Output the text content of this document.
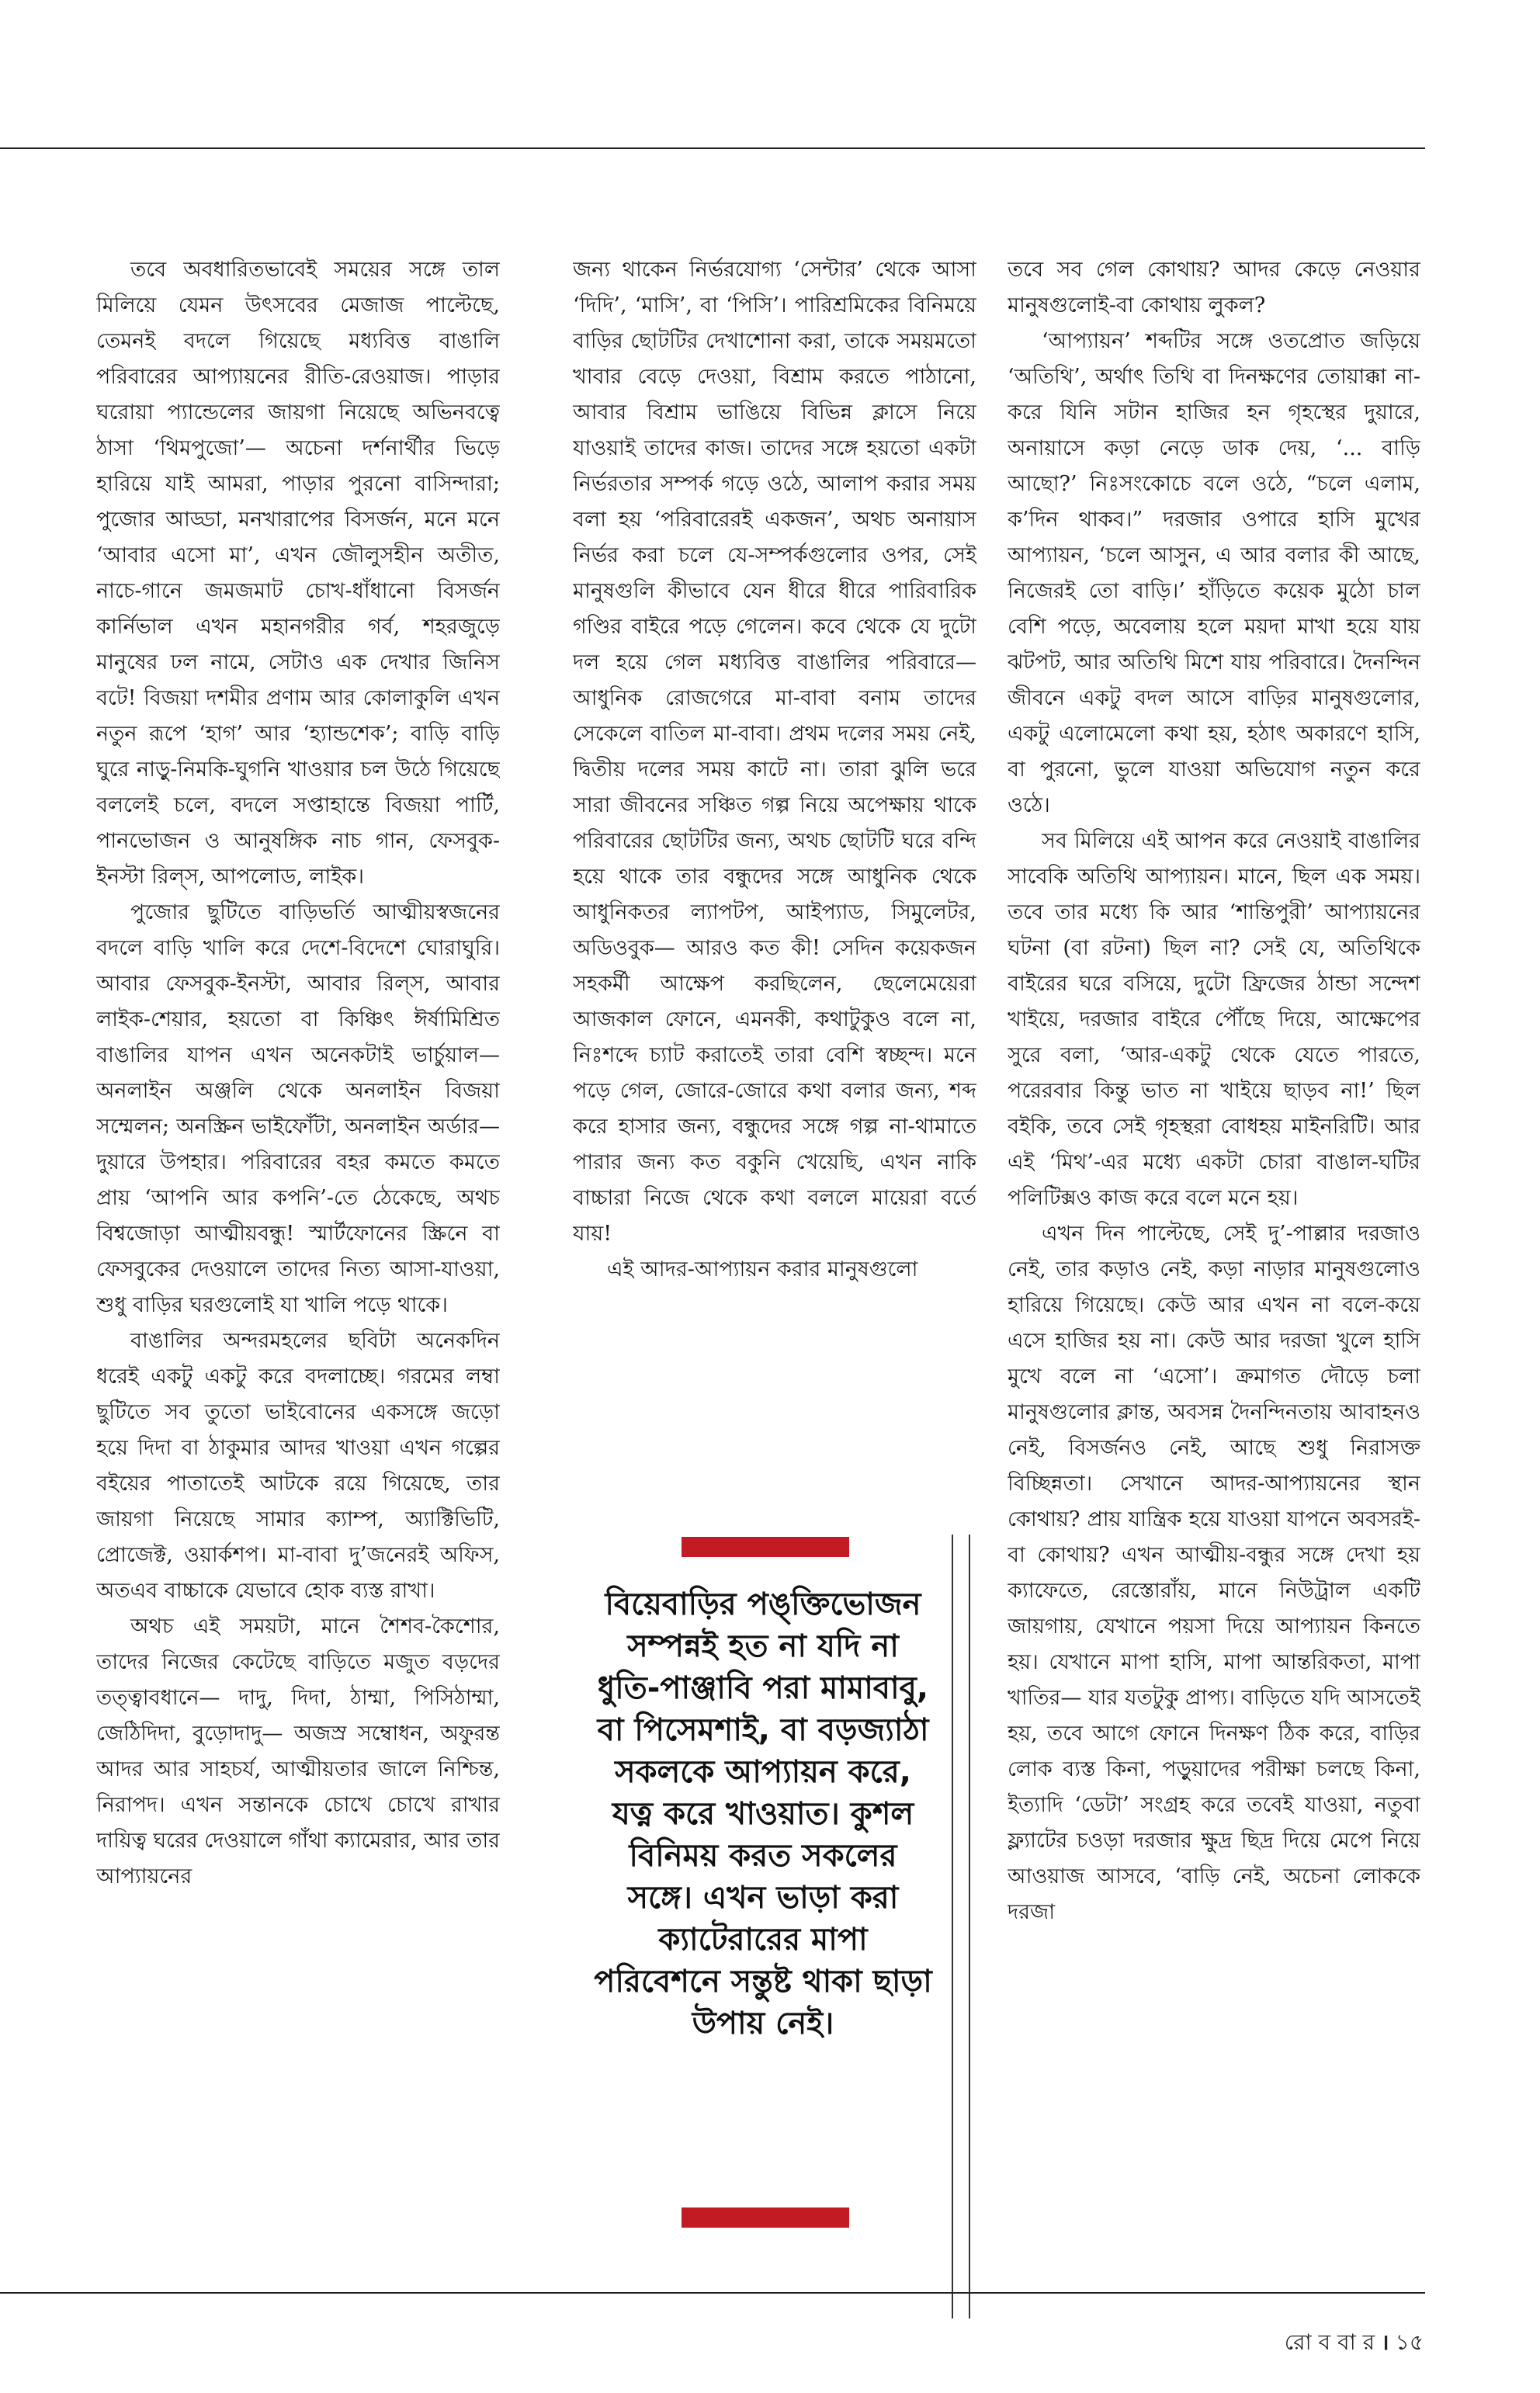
তবে অবধারিতভাবেই সময়ের সঙ্গে তাল মিলিয়ে যেমন উৎসবের মেজাজ পাল্টেছে, তেমনই বদলে গিয়েছে মধ্যবিত্ত বাঙালি পরিবারের আপ্যায়নের রীতি-রেওয়াজ। পাড়ার ঘরোয়া প্যান্ডেলের জায়গা নিয়েছে অভিনবত্বে ঠাসা ‘থিমপুজো’— অচেনা দর্শনার্থীর ভিড়ে হারিয়ে যাই আমরা, পাড়ার পুরনো বাসিন্দারা; পুজোর আড্ডা, মনখারাপের বিসর্জন, মনে মনে ‘আবার এসো মা’, এখন জৌলুসহীন অতীত, নাচে-গানে জমজমাট চোখ-ধাঁধানো বিসর্জন কার্নিভাল এখন মহানগরীর গর্ব, শহরজুড়ে মানুষের ঢল নামে, সেটাও এক দেখার জিনিস বটে! বিজয়া দশমীর প্রণাম আর কোলাকুলি এখন নতুন রূপে ‘হাগ’ আর ‘হ্যান্ডশেক’; বাড়ি বাড়ি ঘুরে নাড়ু-নিমকি-ঘুগনি খাওয়ার চল উঠে গিয়েছে বললেই চলে, বদলে সপ্তাহান্তে বিজয়া পার্টি, পানভোজন ও আনুষঙ্গিক নাচ গান, ফেসবুক-ইনস্টা রিল্‌স, আপলোড, লাইক।

পুজোর ছুটিতে বাড়িভর্তি আত্মীয়স্বজনের বদলে বাড়ি খালি করে দেশে-বিদেশে ঘোরাঘুরি। আবার ফেসবুক-ইনস্টা, আবার রিল্‌স, আবার লাইক-শেয়ার, হয়তো বা কিঞ্চিৎ ঈর্ষামিশ্রিত বাঙালির যাপন এখন অনেকটাই ভার্চুয়াল— অনলাইন অঞ্জলি থেকে অনলাইন বিজয়া সম্মেলন; অনস্ক্রিন ভাইফোঁটা, অনলাইন অর্ডার— দুয়ারে উপহার। পরিবারের বহর কমতে কমতে প্রায় ‘আপনি আর কপনি’-তে ঠেকেছে, অথচ বিশ্বজোড়া আত্মীয়বন্ধু! স্মার্টফোনের স্ক্রিনে বা ফেসবুকের দেওয়ালে তাদের নিত্য আসা-যাওয়া, শুধু বাড়ির ঘরগুলোই যা খালি পড়ে থাকে।

বাঙালির অন্দরমহলের ছবিটা অনেকদিন ধরেই একটু একটু করে বদলাচ্ছে। গরমের লম্বা ছুটিতে সব তুতো ভাইবোনের একসঙ্গে জড়ো হয়ে দিদা বা ঠাকুমার আদর খাওয়া এখন গল্পের বইয়ের পাতাতেই আটকে রয়ে গিয়েছে, তার জায়গা নিয়েছে সামার ক্যাম্প, অ্যাক্টিভিটি, প্রোজেক্ট, ওয়ার্কশপ। মা-বাবা দু’জনেরই অফিস, অতএব বাচ্চাকে যেভাবে হোক ব্যস্ত রাখা।

অথচ এই সময়টা, মানে শৈশব-কৈশোর, তাদের নিজের কেটেছে বাড়িতে মজুত বড়দের তত্ত্বাবধানে— দাদু, দিদা, ঠাম্মা, পিসিঠাম্মা, জেঠিদিদা, বুড়োদাদু— অজস্র সম্বোধন, অফুরন্ত আদর আর সাহচর্য, আত্মীয়তার জালে নিশ্চিন্ত, নিরাপদ। এখন সন্তানকে চোখে চোখে রাখার দায়িত্ব ঘরের দেওয়ালে গাঁথা ক্যামেরার, আর তার আপ্যায়নের

জন্য থাকেন নির্ভরযোগ্য ‘সেন্টার’ থেকে আসা ‘দিদি’, ‘মাসি’, বা ‘পিসি’। পারিশ্রমিকের বিনিময়ে বাড়ির ছোটটির দেখাশোনা করা, তাকে সময়মতো খাবার বেড়ে দেওয়া, বিশ্রাম করতে পাঠানো, আবার বিশ্রাম ভাঙিয়ে বিভিন্ন ক্লাসে নিয়ে যাওয়াই তাদের কাজ। তাদের সঙ্গে হয়তো একটা নির্ভরতার সম্পর্ক গড়ে ওঠে, আলাপ করার সময় বলা হয় ‘পরিবারেরই একজন’, অথচ অনায়াস নির্ভর করা চলে যে-সম্পর্কগুলোর ওপর, সেই মানুষগুলি কীভাবে যেন ধীরে ধীরে পারিবারিক গণ্ডির বাইরে পড়ে গেলেন। কবে থেকে যে দুটো দল হয়ে গেল মধ্যবিত্ত বাঙালির পরিবারে— আধুনিক রোজগেরে মা-বাবা বনাম তাদের সেকেলে বাতিল মা-বাবা। প্রথম দলের সময় নেই, দ্বিতীয় দলের সময় কাটে না। তারা ঝুলি ভরে সারা জীবনের সঞ্চিত গল্প নিয়ে অপেক্ষায় থাকে পরিবারের ছোটটির জন্য, অথচ ছোটটি ঘরে বন্দি হয়ে থাকে তার বন্ধুদের সঙ্গে আধুনিক থেকে আধুনিকতর ল্যাপটপ, আইপ্যাড, সিমুলেটর, অডিওবুক— আরও কত কী! সেদিন কয়েকজন সহকর্মী আক্ষেপ করছিলেন, ছেলেমেয়েরা আজকাল ফোনে, এমনকী, কথাটুকুও বলে না, নিঃশব্দে চ্যাট করাতেই তারা বেশি স্বচ্ছন্দ। মনে পড়ে গেল, জোরে-জোরে কথা বলার জন্য, শব্দ করে হাসার জন্য, বন্ধুদের সঙ্গে গল্প না-থামাতে পারার জন্য কত বকুনি খেয়েছি, এখন নাকি বাচ্চারা নিজে থেকে কথা বললে মায়েরা বর্তে যায়!

এই আদর-আপ্যায়ন করার মানুষগুলো

বিয়েবাড়ির পঙ্‌ক্তিভোজন সম্পন্নই হত না যদি না ধুতি-পাঞ্জাবি পরা মামাবাবু, বা পিসেমশাই, বা বড়জ্যাঠা সকলকে আপ্যায়ন করে, যত্ন করে খাওয়াত। কুশল বিনিময় করত সকলের সঙ্গে। এখন ভাড়া করা ক্যাটেরারের মাপা পরিবেশনে সন্তুষ্ট থাকা ছাড়া উপায় নেই।

তবে সব গেল কোথায়? আদর কেড়ে নেওয়ার মানুষগুলোই-বা কোথায় লুকল?

‘আপ্যায়ন’ শব্দটির সঙ্গে ওতপ্রোত জড়িয়ে ‘অতিথি’, অর্থাৎ তিথি বা দিনক্ষণের তোয়াক্কা না-করে যিনি সটান হাজির হন গৃহস্থের দুয়ারে, অনায়াসে কড়া নেড়ে ডাক দেয়, ‘... বাড়ি আছো?’ নিঃসংকোচে বলে ওঠে, “চলে এলাম, ক’দিন থাকব।” দরজার ওপারে হাসি মুখের আপ্যায়ন, ‘চলে আসুন, এ আর বলার কী আছে, নিজেরই তো বাড়ি।’ হাঁড়িতে কয়েক মুঠো চাল বেশি পড়ে, অবেলায় হলে ময়দা মাখা হয়ে যায় ঝটপট, আর অতিথি মিশে যায় পরিবারে। দৈনন্দিন জীবনে একটু বদল আসে বাড়ির মানুষগুলোর, একটু এলোমেলো কথা হয়, হঠাৎ অকারণে হাসি, বা পুরনো, ভুলে যাওয়া অভিযোগ নতুন করে ওঠে।

সব মিলিয়ে এই আপন করে নেওয়াই বাঙালির সাবেকি অতিথি আপ্যায়ন। মানে, ছিল এক সময়। তবে তার মধ্যে কি আর ‘শান্তিপুরী’ আপ্যায়নের ঘটনা (বা রটনা) ছিল না? সেই যে, অতিথিকে বাইরের ঘরে বসিয়ে, দুটো ফ্রিজের ঠান্ডা সন্দেশ খাইয়ে, দরজার বাইরে পৌঁছে দিয়ে, আক্ষেপের সুরে বলা, ‘আর-একটু থেকে যেতে পারতে, পরেরবার কিন্তু ভাত না খাইয়ে ছাড়ব না!’ ছিল বইকি, তবে সেই গৃহস্থরা বোধহয় মাইনরিটি। আর এই ‘মিথ’-এর মধ্যে একটা চোরা বাঙাল-ঘটির পলিটিক্সও কাজ করে বলে মনে হয়।

এখন দিন পাল্টেছে, সেই দু’-পাল্লার দরজাও নেই, তার কড়াও নেই, কড়া নাড়ার মানুষগুলোও হারিয়ে গিয়েছে। কেউ আর এখন না বলে-কয়ে এসে হাজির হয় না। কেউ আর দরজা খুলে হাসি মুখে বলে না ‘এসো’। ক্রমাগত দৌড়ে চলা মানুষগুলোর ক্লান্ত, অবসন্ন দৈনন্দিনতায় আবাহনও নেই, বিসর্জনও নেই, আছে শুধু নিরাসক্ত বিচ্ছিন্নতা। সেখানে আদর-আপ্যায়নের স্থান কোথায়? প্রায় যান্ত্রিক হয়ে যাওয়া যাপনে অবসরই-বা কোথায়? এখন আত্মীয়-বন্ধুর সঙ্গে দেখা হয় ক্যাফেতে, রেস্তোরাঁয়, মানে নিউট্রাল একটি জায়গায়, যেখানে পয়সা দিয়ে আপ্যায়ন কিনতে হয়। যেখানে মাপা হাসি, মাপা আন্তরিকতা, মাপা খাতির— যার যতটুকু প্রাপ্য। বাড়িতে যদি আসতেই হয়, তবে আগে ফোনে দিনক্ষণ ঠিক করে, বাড়ির লোক ব্যস্ত কিনা, পড়ুয়াদের পরীক্ষা চলছে কিনা, ইত্যাদি ‘ডেটা’ সংগ্রহ করে তবেই যাওয়া, নতুবা ফ্ল্যাটের চওড়া দরজার ক্ষুদ্র ছিদ্র দিয়ে মেপে নিয়ে আওয়াজ আসবে, ‘বাড়ি নেই, অচেনা লোককে দরজা

রো ব বা র । ১৫
